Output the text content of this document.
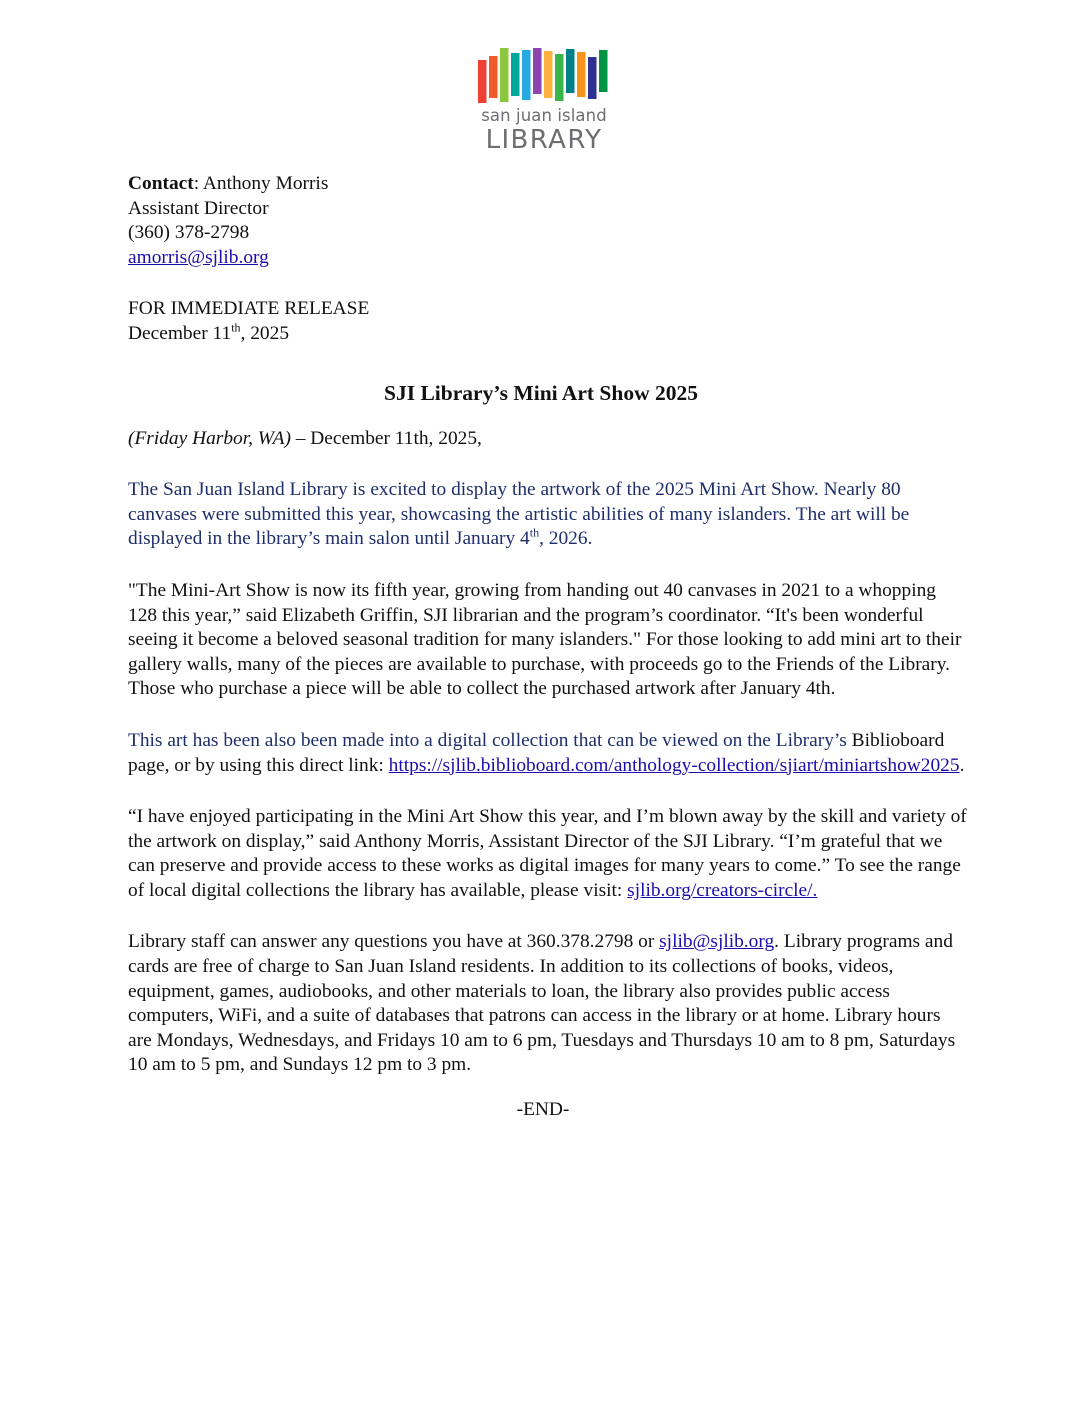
san juan island
LIBRARY

Contact: Anthony Morris

Assistant Director

(360) 378-2798

amorris@sjlib.org

FOR IMMEDIATE RELEASE

December 11th, 2025

SJI Library’s Mini Art Show 2025

(Friday Harbor, WA) – December 11th, 2025,

The San Juan Island Library is excited to display the artwork of the 2025 Mini Art Show. Nearly 80 canvases were submitted this year, showcasing the artistic abilities of many islanders. The art will be displayed in the library’s main salon until January 4th, 2026.

"The Mini-Art Show is now its fifth year, growing from handing out 40 canvases in 2021 to a whopping 128 this year,” said Elizabeth Griffin, SJI librarian and the program’s coordinator. “It's been wonderful seeing it become a beloved seasonal tradition for many islanders." For those looking to add mini art to their gallery walls, many of the pieces are available to purchase, with proceeds go to the Friends of the Library. Those who purchase a piece will be able to collect the purchased artwork after January 4th.

This art has been also been made into a digital collection that can be viewed on the Library’s Biblioboard page, or by using this direct link: https://sjlib.biblioboard.com/anthology-collection/sjiart/miniartshow2025.

“I have enjoyed participating in the Mini Art Show this year, and I’m blown away by the skill and variety of the artwork on display,” said Anthony Morris, Assistant Director of the SJI Library. “I’m grateful that we can preserve and provide access to these works as digital images for many years to come.” To see the range of local digital collections the library has available, please visit: sjlib.org/creators-circle/.

Library staff can answer any questions you have at 360.378.2798 or sjlib@sjlib.org. Library programs and cards are free of charge to San Juan Island residents. In addition to its collections of books, videos, equipment, games, audiobooks, and other materials to loan, the library also provides public access computers, WiFi, and a suite of databases that patrons can access in the library or at home. Library hours are Mondays, Wednesdays, and Fridays 10 am to 6 pm, Tuesdays and Thursdays 10 am to 8 pm, Saturdays 10 am to 5 pm, and Sundays 12 pm to 3 pm.

-END-
